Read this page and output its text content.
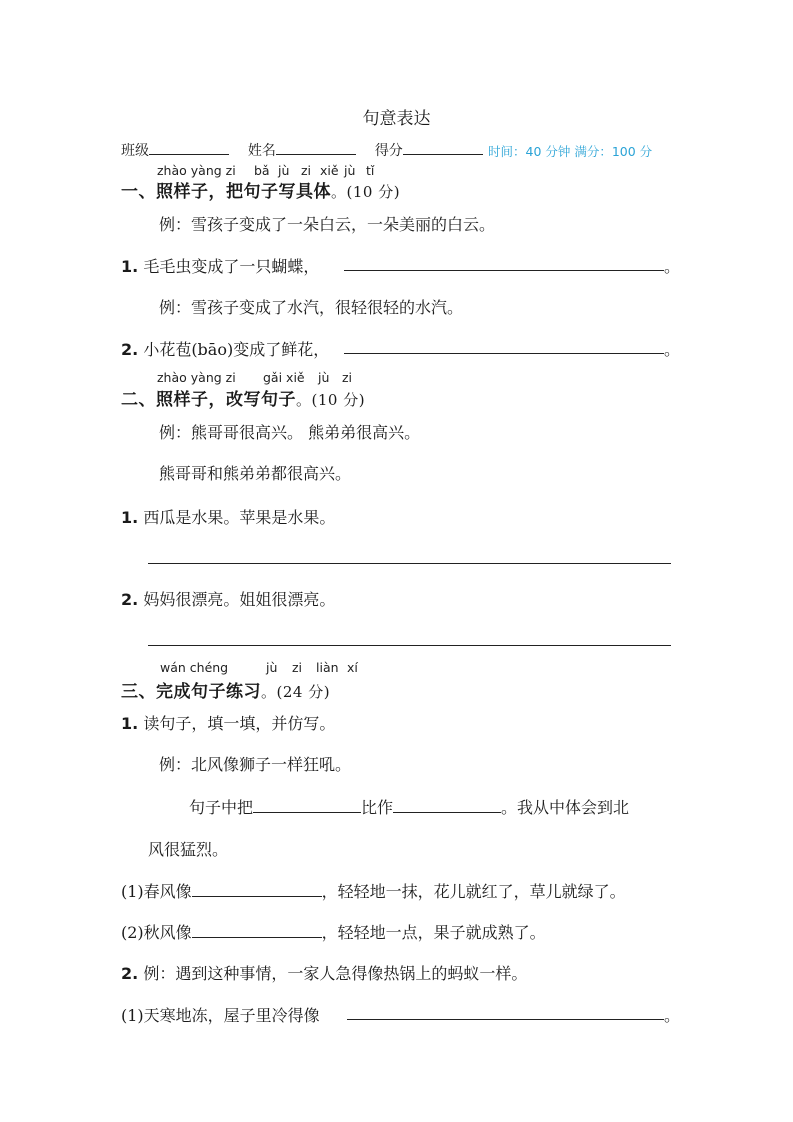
句意表达
班级	姓名	得分	时间：40 分钟 满分：100 分
zhào yàng zi bǎ jù zi xiě jù tǐ
一、照样子，把句子写具体。(10 分)
例：雪孩子变成了一朵白云，一朵美丽的白云。
1. 毛毛虫变成了一只蝴蝶，	。
例：雪孩子变成了水汽，很轻很轻的水汽。
2. 小花苞(bāo)变成了鲜花，	。
zhào yàng zi gǎi xiě jù zi
二、照样子，改写句子。(10 分)
例：熊哥哥很高兴。 熊弟弟很高兴。
熊哥哥和熊弟弟都很高兴。
1. 西瓜是水果。苹果是水果。
2. 妈妈很漂亮。姐姐很漂亮。
wán chéng	jù zi liàn xí
三、完成句子练习。(24 分)
1. 读句子，填一填，并仿写。
例：北风像狮子一样狂吼。
句子中把	比作	。我从中体会到北
风很猛烈。
(1)春风像	，轻轻地一抹，花儿就红了，草儿就绿了。
(2)秋风像	，轻轻地一点，果子就成熟了。
2. 例：遇到这种事情，一家人急得像热锅上的蚂蚁一样。
(1)天寒地冻，屋子里冷得像	。
